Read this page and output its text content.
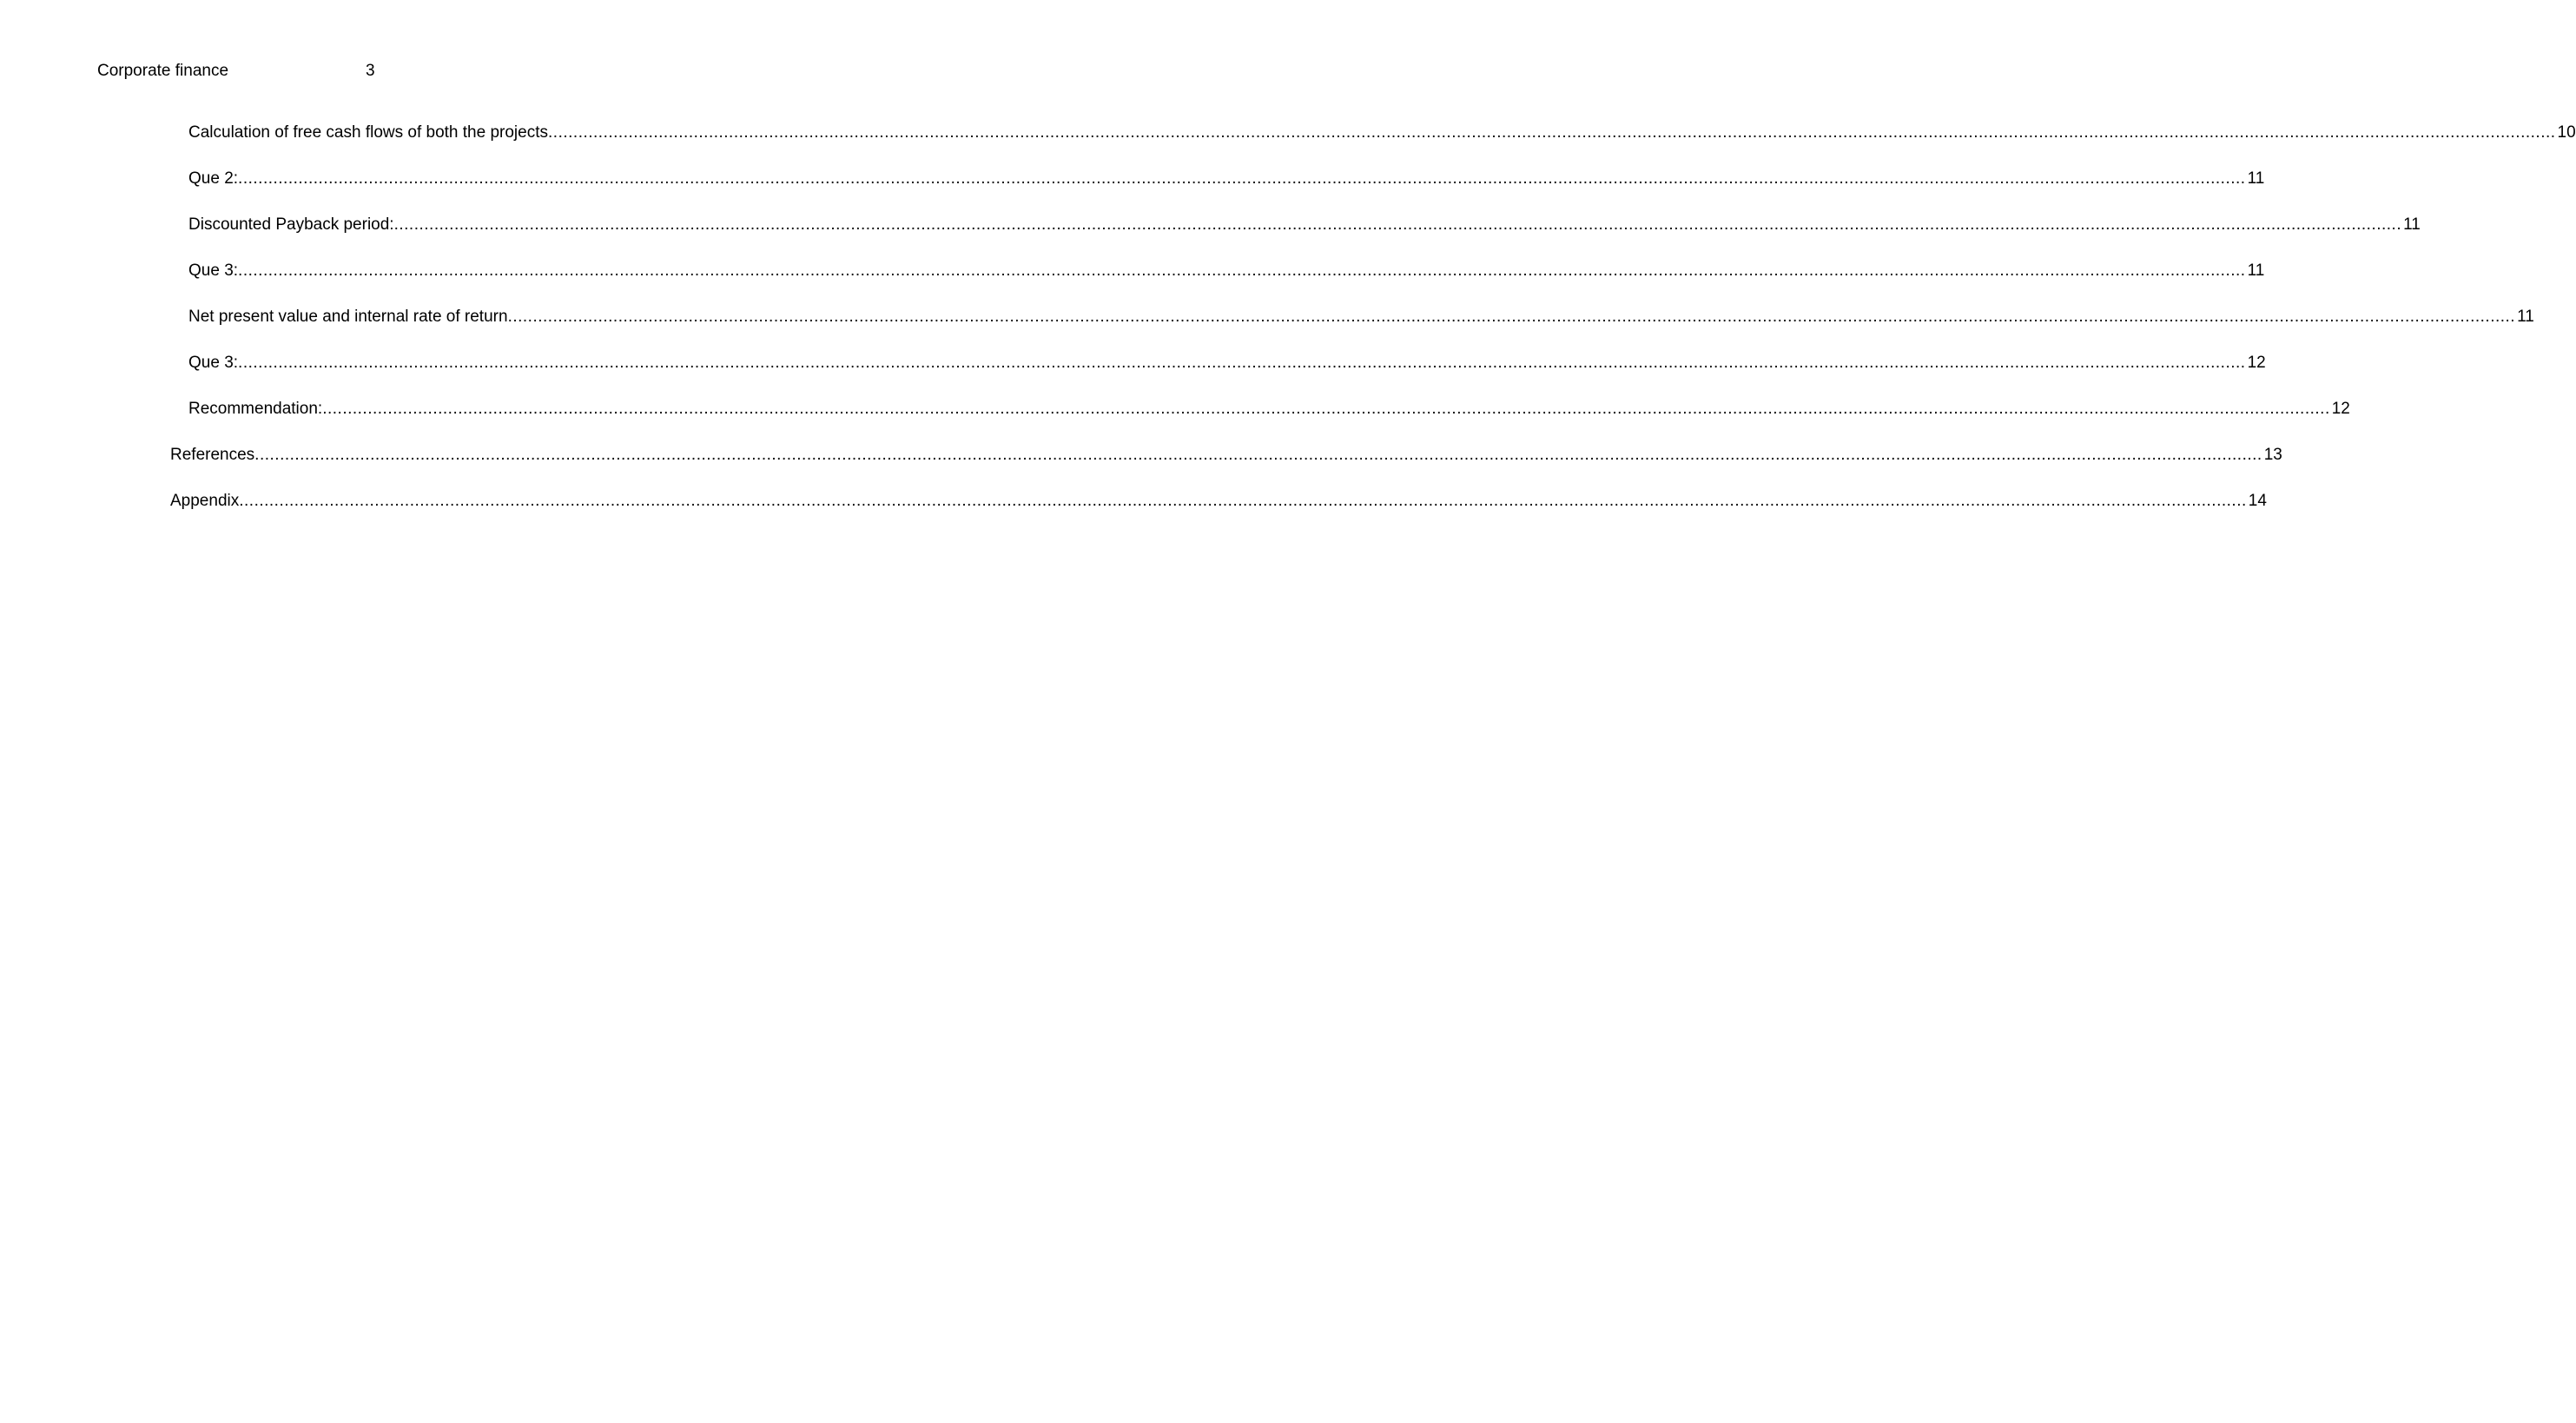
Corporate finance	3
Calculation of free cash flows of both the projects ................................................................................................................................................................................................................................................................................................................................................................................................................ 10
Que 2: ................................................................................................................................................................................................................................................................................................................................................................................................................ 11
Discounted Payback period: ................................................................................................................................................................................................................................................................................................................................................................................................................ 11
Que 3: ................................................................................................................................................................................................................................................................................................................................................................................................................ 11
Net present value and internal rate of return ................................................................................................................................................................................................................................................................................................................................................................................................................ 11
Que 3: ................................................................................................................................................................................................................................................................................................................................................................................................................ 12
Recommendation: ................................................................................................................................................................................................................................................................................................................................................................................................................ 12
References ................................................................................................................................................................................................................................................................................................................................................................................................................ 13
Appendix ................................................................................................................................................................................................................................................................................................................................................................................................................ 14
